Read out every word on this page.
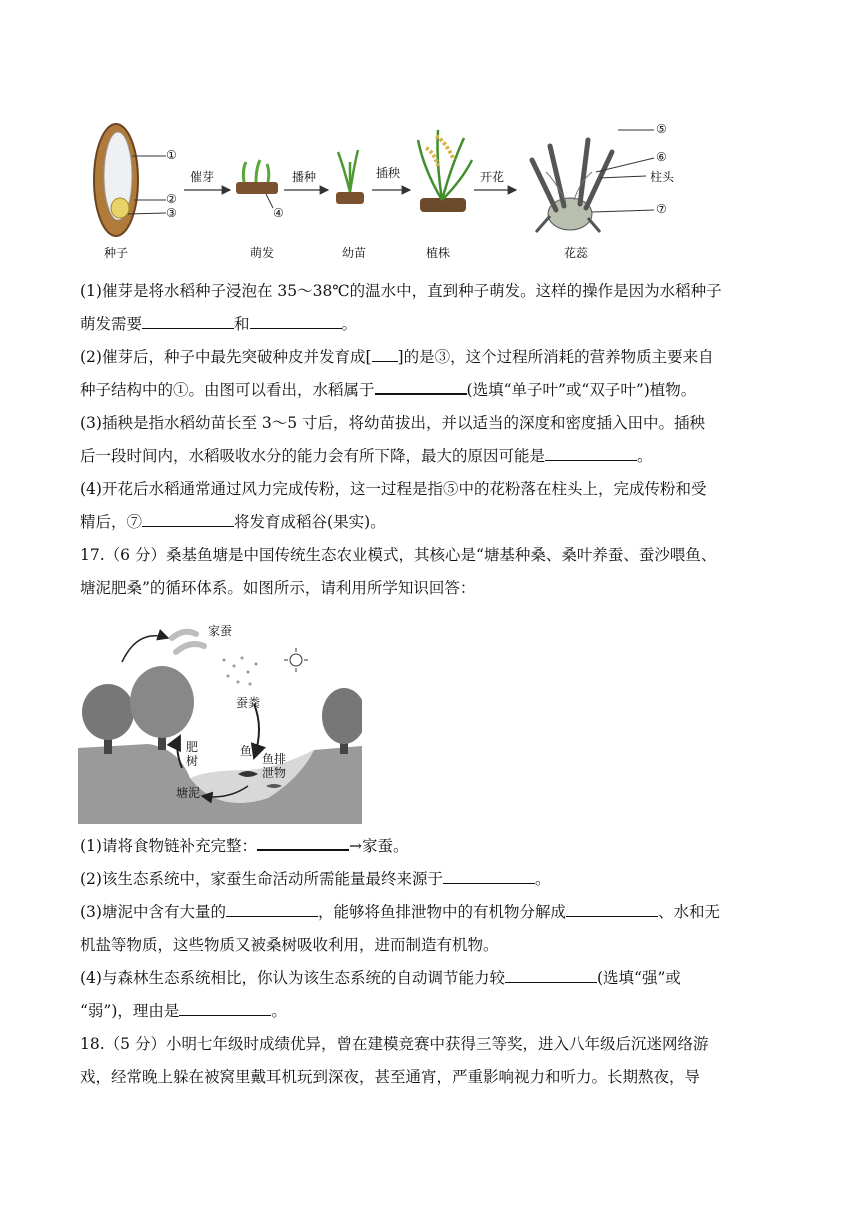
①
②
③	④
⑤
⑥
柱头
⑦
催芽	播种	插秧	开花
种子	萌发	幼苗	植株	花蕊

(1)催芽是将水稻种子浸泡在 35～38℃的温水中，直到种子萌发。这样的操作是因为水稻种子

萌发需要	和	。

(2)催芽后，种子中最先突破种皮并发育成[ ]的是③，这个过程所消耗的营养物质主要来自

种子结构中的①。由图可以看出，水稻属于	(选填“单子叶”或“双子叶”)植物。

(3)插秧是指水稻幼苗长至 3～5 寸后，将幼苗拔出，并以适当的深度和密度插入田中。插秧

后一段时间内，水稻吸收水分的能力会有所下降，最大的原因可能是	。

(4)开花后水稻通常通过风力完成传粉，这一过程是指⑤中的花粉落在柱头上，完成传粉和受

精后，⑦	将发育成稻谷(果实)。

17.（6 分）桑基鱼塘是中国传统生态农业模式，其核心是“塘基种桑、桑叶养蚕、蚕沙喂鱼、

塘泥肥桑”的循环体系。如图所示，请利用所学知识回答：

家蚕
蚕粪
鱼
鱼排泄物
肥树
塘泥

(1)请将食物链补充完整：	→家蚕。

(2)该生态系统中，家蚕生命活动所需能量最终来源于	。

(3)塘泥中含有大量的	，能够将鱼排泄物中的有机物分解成	、水和无

机盐等物质，这些物质又被桑树吸收利用，进而制造有机物。

(4)与森林生态系统相比，你认为该生态系统的自动调节能力较	(选填“强”或

“弱”)，理由是	。

18.（5 分）小明七年级时成绩优异，曾在建模竞赛中获得三等奖，进入八年级后沉迷网络游

戏，经常晚上躲在被窝里戴耳机玩到深夜，甚至通宵，严重影响视力和听力。长期熬夜，导
